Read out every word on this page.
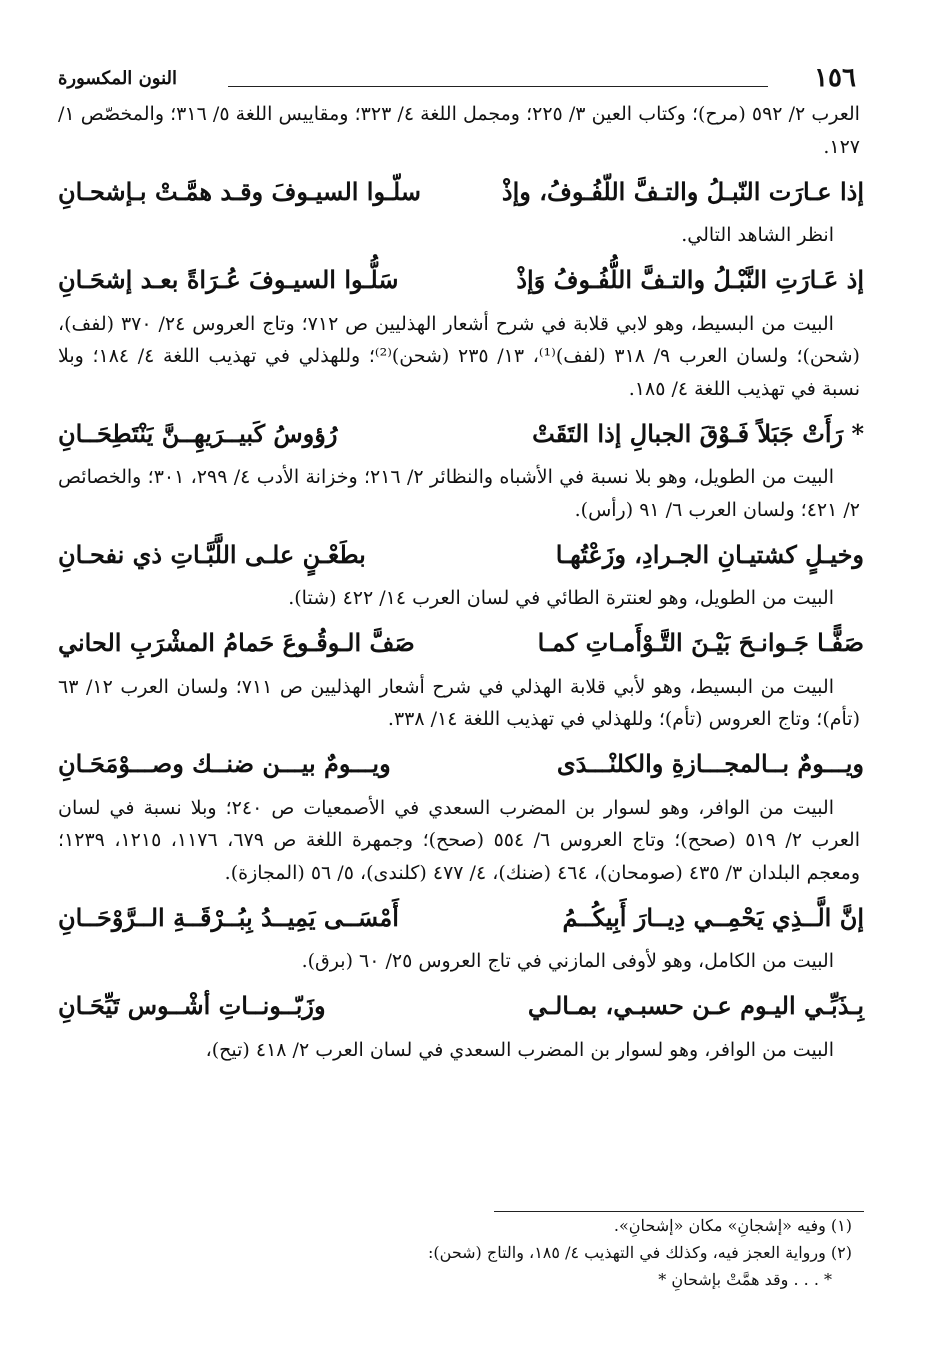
١٥٦
النون المكسورة
العرب ٢/ ٥٩٢ (مرح)؛ وكتاب العين ٣/ ٢٢٥؛ ومجمل اللغة ٤/ ٣٢٣؛ ومقاييس اللغة ٥/ ٣١٦؛ والمخصّص ١/ ١٢٧.
إذا عـارَت النّبـلُ والتـفَّ اللّفُـوفُ، وإذْ
سلّـوا السيـوفَ وقـد همَّـتْ بـإشحـانِ
انظر الشاهد التالي.
إذ عَـارَتِ النَّبْـلُ والتـفَّ اللُّفُـوفُ وَإذْ
سَلُّـوا السيـوفَ عُـرَاةً بعـد إشحَـانِ
البيت من البسيط، وهو لابي قلابة في شرح أشعار الهذليين ص ٧١٢؛ وتاج العروس ٢٤/ ٣٧٠ (لفف)، (شحن)؛ ولسان العرب ٩/ ٣١٨ (لفف)⁽¹⁾، ١٣/ ٢٣٥ (شحن)⁽²⁾؛ وللهذلي في تهذيب اللغة ٤/ ١٨٤؛ وبلا نسبة في تهذيب اللغة ٤/ ١٨٥.
* رَأَتْ جَبَلاً فَـوْقَ الجبالِ إذا التَقَتْ
رُؤوسُ كَبيــرَيهِــنَّ يَنْتَطِحَــانِ
البيت من الطويل، وهو بلا نسبة في الأشباه والنظائر ٢/ ٢١٦؛ وخزانة الأدب ٤/ ٢٩٩، ٣٠١؛ والخصائص ٢/ ٤٢١؛ ولسان العرب ٦/ ٩١ (رأس).
وخيـلٍ كشتيـانِ الجـرادِ، وزَعْتُهـا
بطَعْـنٍ علـى اللَّبَّـاتِ ذي نفحـانِ
البيت من الطويل، وهو لعنترة الطائي في لسان العرب ١٤/ ٤٢٢ (شتا).
صَفًّـا جَـوانـحَ بَيْـنَ التَّـوْأَمـاتِ كمـا
صَفَّ الـوقُـوعَ حَمامُ المشْرَبِ الحاني
البيت من البسيط، وهو لأبي قلابة الهذلي في شرح أشعار الهذليين ص ٧١١؛ ولسان العرب ١٢/ ٦٣ (تأم)؛ وتاج العروس (تأم)؛ وللهذلي في تهذيب اللغة ١٤/ ٣٣٨.
ويـــومٌ بــالمجـــازةِ والكلنْـــدَى
ويـــومٌ بيـــن ضنــك وصـــوْمَحَـانِ
البيت من الوافر، وهو لسوار بن المضرب السعدي في الأصمعيات ص ٢٤٠؛ وبلا نسبة في لسان العرب ٢/ ٥١٩ (صحح)؛ وتاج العروس ٦/ ٥٥٤ (صحح)؛ وجمهرة اللغة ص ٦٧٩، ١١٧٦، ١٢١٥، ١٢٣٩؛ ومعجم البلدان ٣/ ٤٣٥ (صومحان)، ٤٦٤ (ضنك)، ٤/ ٤٧٧ (كلندى)، ٥/ ٥٦ (المجازة).
إنَّ الَّــذِي يَحْمِــي دِيــارَ أَبِيكُــمُ
أَمْسَــى يَمِيــدُ بِبُــرْقَــةِ الــرَّوْحَــانِ
البيت من الكامل، وهو لأوفى المازني في تاج العروس ٢٥/ ٦٠ (برق).
بِـذَبِّـي اليـوم عـن حسبـي، بمـالـي
وزَبّــونــاتِ أشْــوس تَيِّحَـانِ
البيت من الوافر، وهو لسوار بن المضرب السعدي في لسان العرب ٢/ ٤١٨ (تيح)،
(١) وفيه «إشجانِ» مكان «إشحانِ».
(٢) ورواية العجز فيه، وكذلك في التهذيب ٤/ ١٨٥، والتاج (شحن):
* . . . وقد همَّتْ بإشحانِ *
